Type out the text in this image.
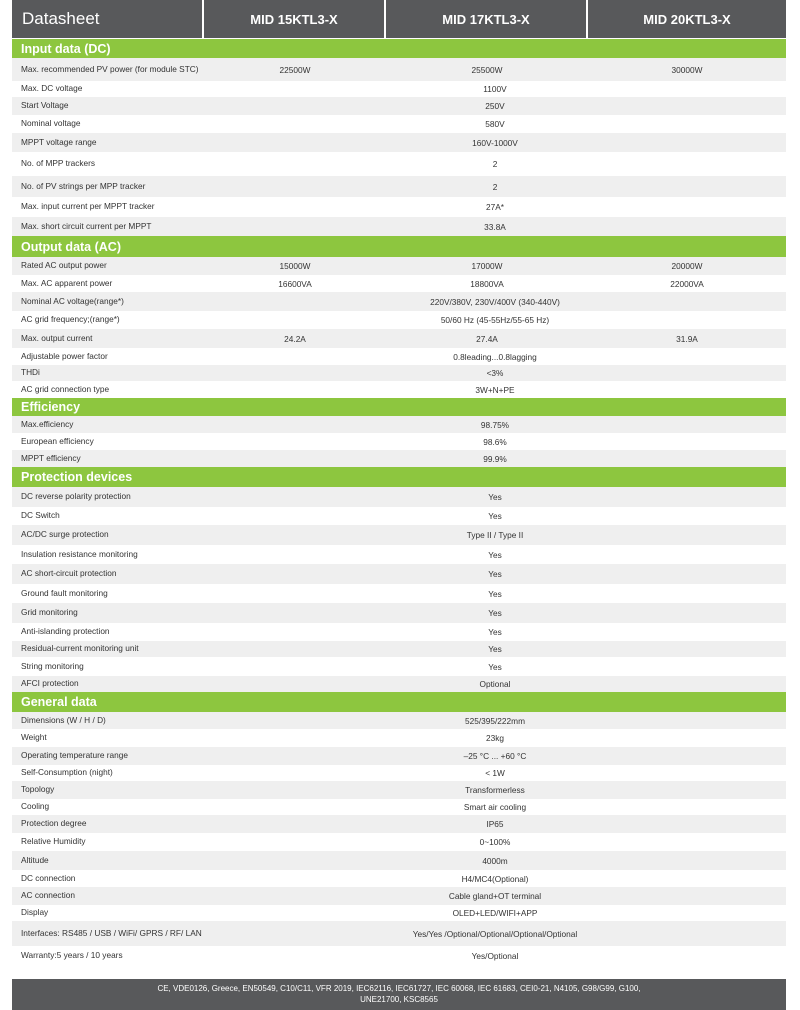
Datasheet	MID 15KTL3-X	MID 17KTL3-X	MID 20KTL3-X
Input data (DC)
Max. recommended PV power (for module STC)	22500W	25500W	30000W
Max. DC voltage	1100V
Start Voltage	250V
Nominal voltage	580V
MPPT voltage range	160V-1000V
No. of MPP trackers	2
No. of PV strings per MPP tracker	2
Max. input current per MPPT tracker	27A*
Max. short circuit current per MPPT	33.8A
Output data (AC)
Rated AC output power	15000W	17000W	20000W
Max. AC apparent power	16600VA	18800VA	22000VA
Nominal AC voltage(range*)	220V/380V, 230V/400V (340-440V)
AC grid frequency;(range*)	50/60 Hz (45-55Hz/55-65 Hz)
Max. output current	24.2A	27.4A	31.9A
Adjustable power factor	0.8leading...0.8lagging
THDi	<3%
AC grid connection type	3W+N+PE
Efficiency
Max.efficiency	98.75%
European efficiency	98.6%
MPPT efficiency	99.9%
Protection devices
DC reverse polarity protection	Yes
DC Switch	Yes
AC/DC surge protection	Type II / Type II
Insulation resistance monitoring	Yes
AC short-circuit protection	Yes
Ground fault monitoring	Yes
Grid monitoring	Yes
Anti-islanding protection	Yes
Residual-current monitoring unit	Yes
String monitoring	Yes
AFCI protection	Optional
General data
Dimensions (W / H / D)	525/395/222mm
Weight	23kg
Operating temperature range	–25 °C ... +60 °C
Self-Consumption (night)	< 1W
Topology	Transformerless
Cooling	Smart air cooling
Protection degree	IP65
Relative Humidity	0~100%
Altitude	4000m
DC connection	H4/MC4(Optional)
AC connection	Cable gland+OT terminal
Display	OLED+LED/WIFI+APP
Interfaces: RS485 / USB / WiFi/ GPRS / RF/ LAN	Yes/Yes /Optional/Optional/Optional/Optional
Warranty:5 years / 10 years	Yes/Optional
CE, VDE0126, Greece, EN50549, C10/C11, VFR 2019, IEC62116, IEC61727, IEC 60068, IEC 61683, CEI0-21, N4105, G98/G99, G100, UNE21700, KSC8565
